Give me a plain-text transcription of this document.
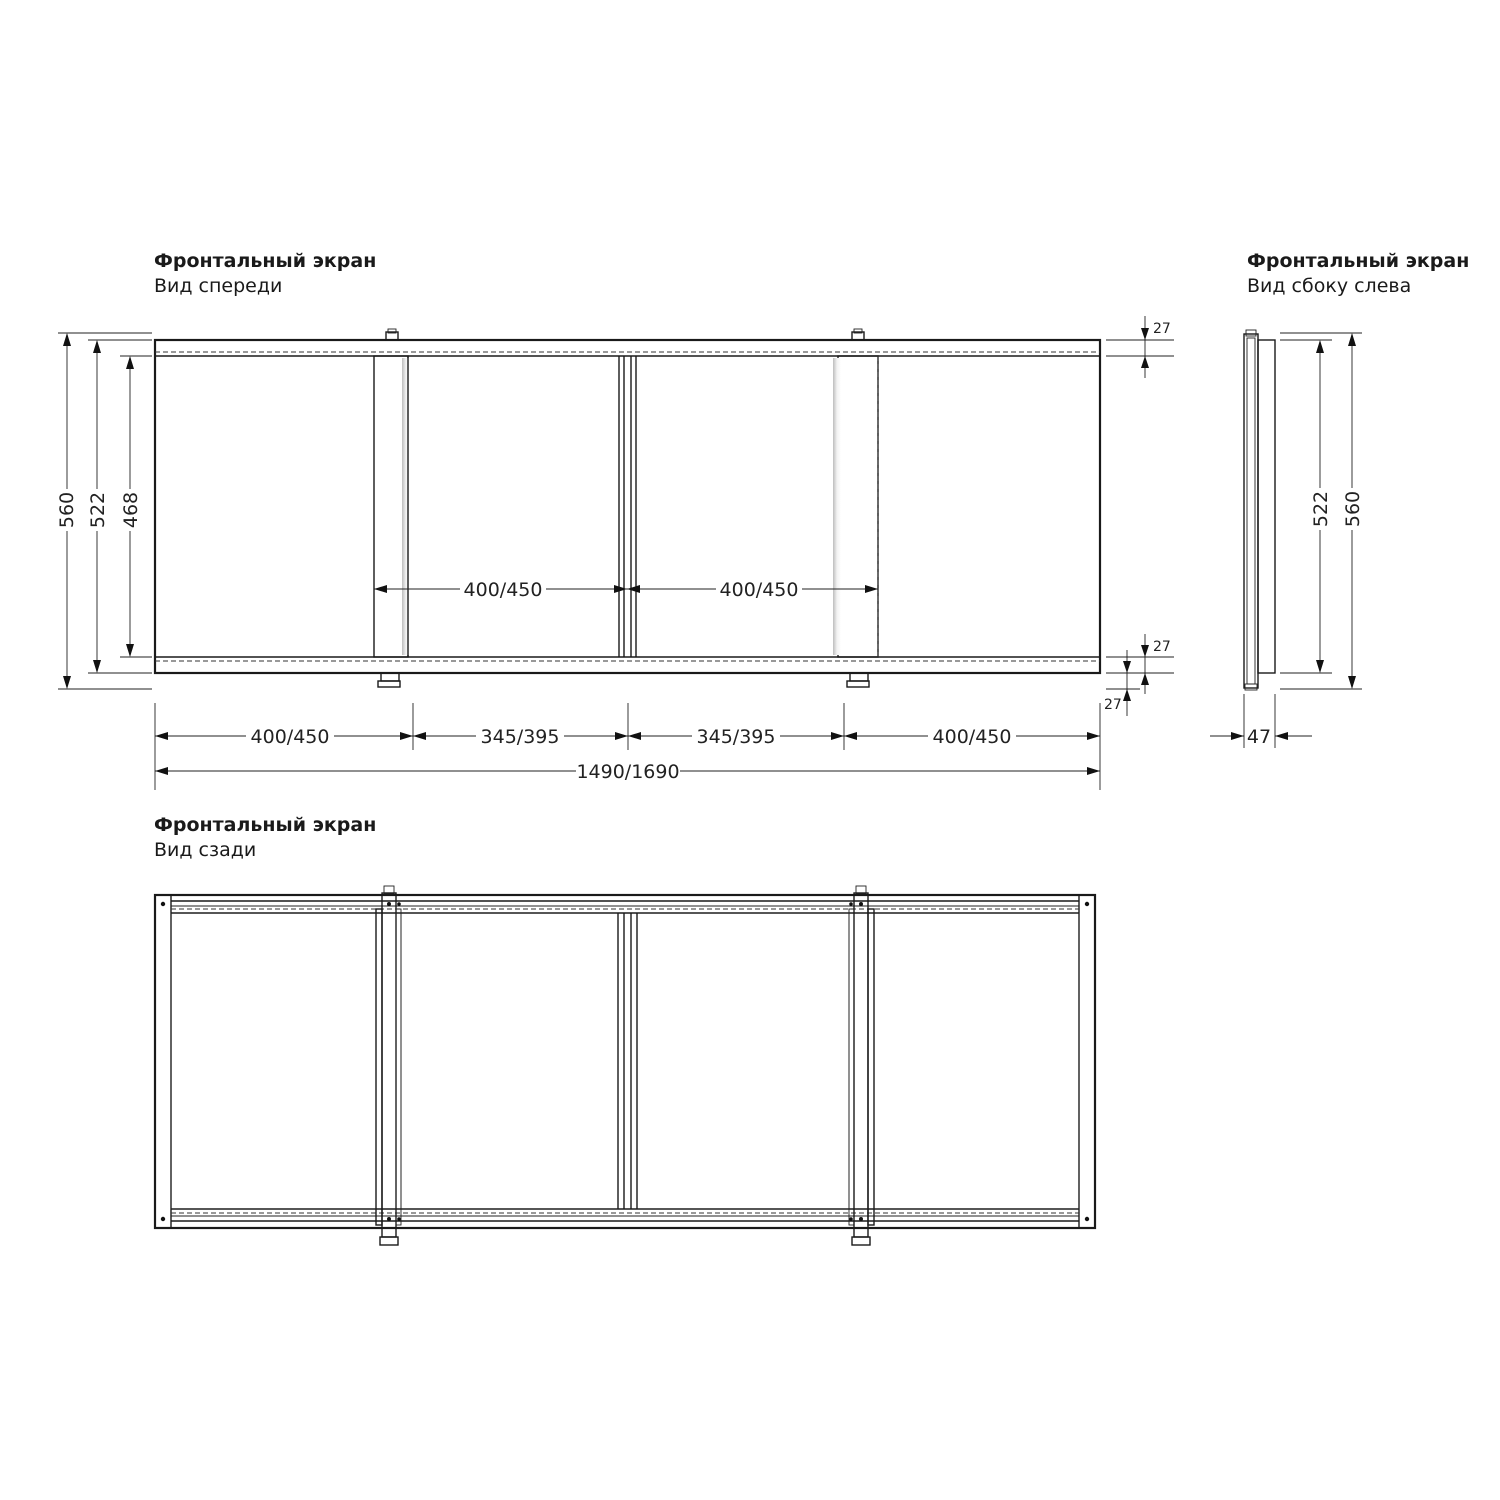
Фронтальный экран
Вид спереди
560 522 468
27
27
27
400/450	400/450
400/450	345/395	345/395	400/450
1490/1690
Фронтальный экран
Вид сбоку слева
522 560
47
Фронтальный экран
Вид сзади
